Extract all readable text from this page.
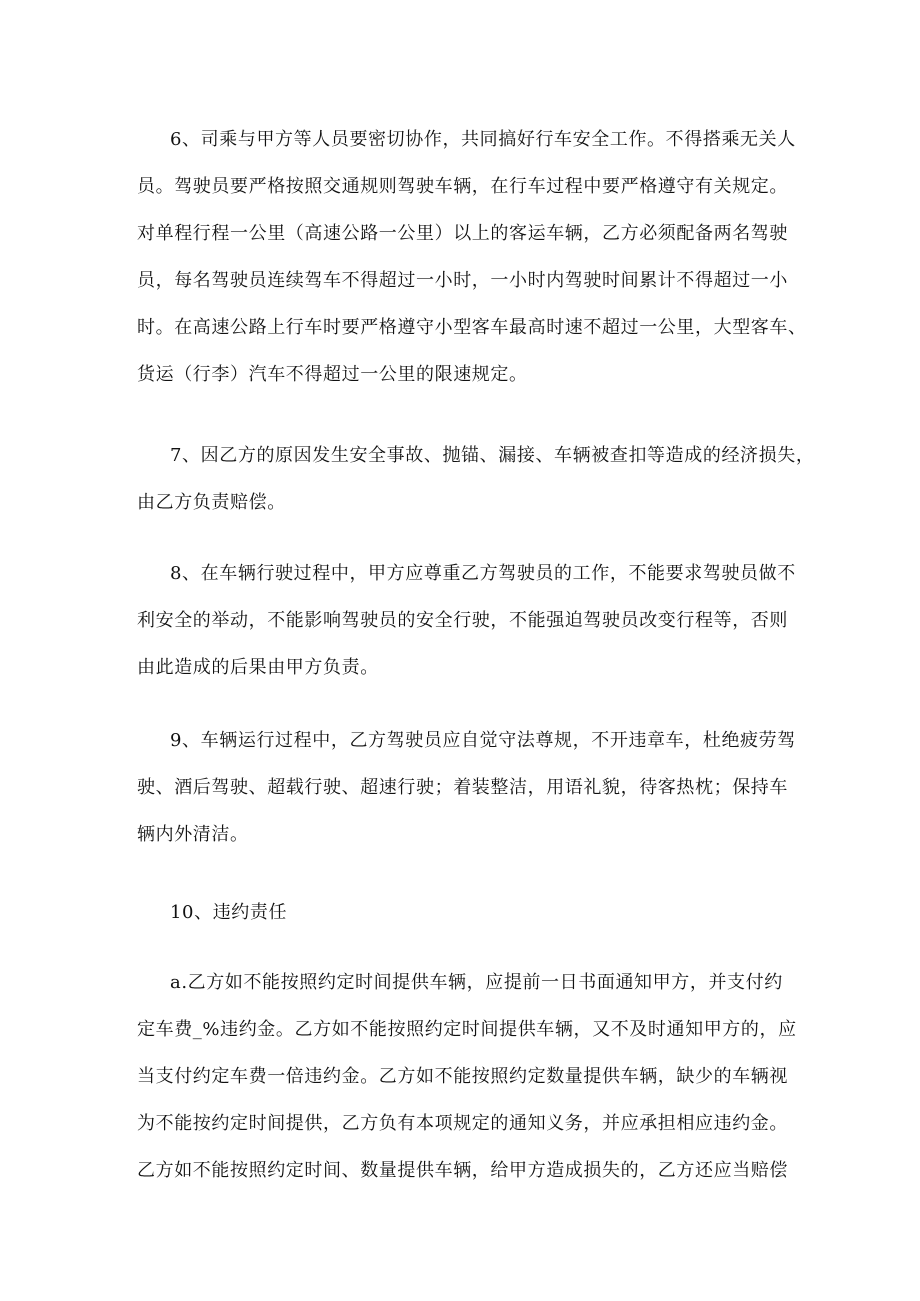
6、司乘与甲方等人员要密切协作，共同搞好行车安全工作。不得搭乘无关人
员。驾驶员要严格按照交通规则驾驶车辆，在行车过程中要严格遵守有关规定。
对单程行程一公里（高速公路一公里）以上的客运车辆，乙方必须配备两名驾驶
员，每名驾驶员连续驾车不得超过一小时，一小时内驾驶时间累计不得超过一小
时。在高速公路上行车时要严格遵守小型客车最高时速不超过一公里，大型客车、
货运（行李）汽车不得超过一公里的限速规定。
7、因乙方的原因发生安全事故、抛锚、漏接、车辆被查扣等造成的经济损失，
由乙方负责赔偿。
8、在车辆行驶过程中，甲方应尊重乙方驾驶员的工作，不能要求驾驶员做不
利安全的举动，不能影响驾驶员的安全行驶，不能强迫驾驶员改变行程等，否则
由此造成的后果由甲方负责。
9、车辆运行过程中，乙方驾驶员应自觉守法尊规，不开违章车，杜绝疲劳驾
驶、酒后驾驶、超载行驶、超速行驶；着装整洁，用语礼貌，待客热枕；保持车
辆内外清洁。
10、违约责任
a.乙方如不能按照约定时间提供车辆，应提前一日书面通知甲方，并支付约
定车费_%违约金。乙方如不能按照约定时间提供车辆，又不及时通知甲方的，应
当支付约定车费一倍违约金。乙方如不能按照约定数量提供车辆，缺少的车辆视
为不能按约定时间提供，乙方负有本项规定的通知义务，并应承担相应违约金。
乙方如不能按照约定时间、数量提供车辆，给甲方造成损失的，乙方还应当赔偿
